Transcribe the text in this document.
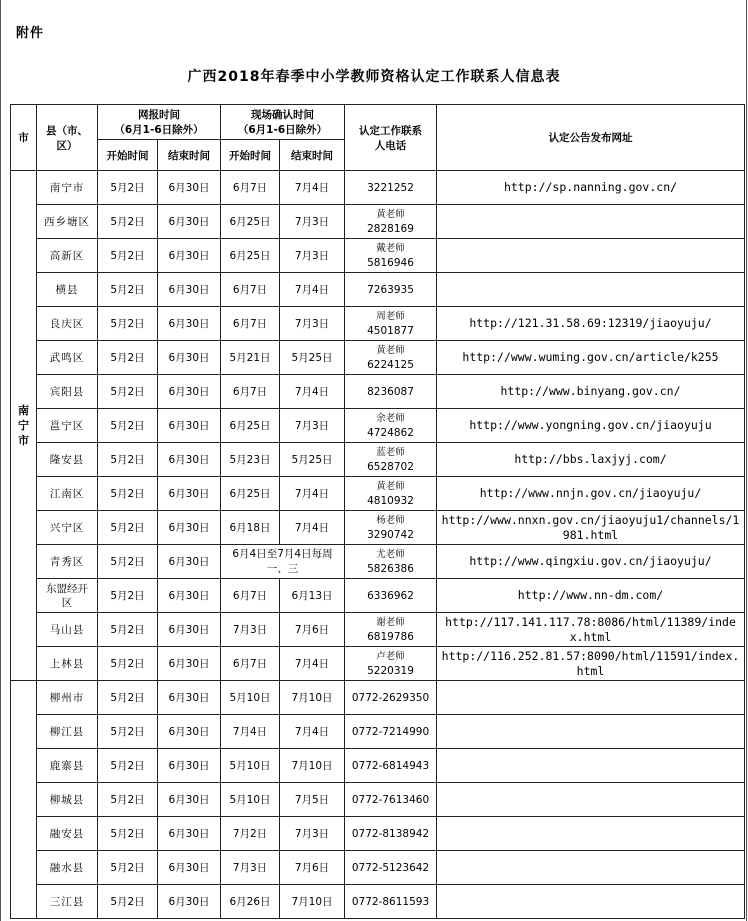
附件
广西2018年春季中小学教师资格认定工作联系人信息表
市	县（市、区）	网报时间
（6月1-6日除外）		现场确认时间
（6月1-6日除外）		认定工作联系人电话	认定公告发布网址
		开始时间	结束时间	开始时间	结束时间		
南宁市	南宁市	5月2日	6月30日	6月7日	7月4日	3221252	http://sp.nanning.gov.cn/
	西乡塘区	5月2日	6月30日	6月25日	7月3日	黄老师
2828169	

	高新区	5月2日	6月30日	6月25日	7月3日	戴老师
5816946	

	横县	5月2日	6月30日	6月7日	7月4日	7263935	

	良庆区	5月2日	6月30日	6月7日	7月3日	周老师
4501877	http://121.31.58.69:12319/jiaoyuju/
	武鸣区	5月2日	6月30日	5月21日	5月25日	黄老师
6224125	http://www.wuming.gov.cn/article/k255
	宾阳县	5月2日	6月30日	6月7日	7月4日	8236087	http://www.binyang.gov.cn/
	邕宁区	5月2日	6月30日	6月25日	7月3日	余老师
4724862	http://www.yongning.gov.cn/jiaoyuju
	隆安县	5月2日	6月30日	5月23日	5月25日	蓝老师
6528702	http://bbs.laxjyj.com/
	江南区	5月2日	6月30日	6月25日	7月4日	黄老师
4810932	http://www.nnjn.gov.cn/jiaoyuju/
	兴宁区	5月2日	6月30日	6月18日	7月4日	杨老师
3290742	http://www.nnxn.gov.cn/jiaoyuju1/channels/1981.html
	青秀区	5月2日	6月30日	6月4日至7月4日每周一、三		尤老师
5826386	http://www.qingxiu.gov.cn/jiaoyuju/
	东盟经开区	5月2日	6月30日	6月7日	6月13日	6336962	http://www.nn-dm.com/
	马山县	5月2日	6月30日	7月3日	7月6日	谢老师
6819786	http://117.141.117.78:8086/html/11389/index.html
	上林县	5月2日	6月30日	6月7日	7月4日	卢老师
5220319	http://116.252.81.57:8090/html/11591/index.html
	柳州市	5月2日	6月30日	5月10日	7月10日	0772-2629350	

	柳江县	5月2日	6月30日	7月4日	7月4日	0772-7214990	

	鹿寨县	5月2日	6月30日	5月10日	7月10日	0772-6814943	

	柳城县	5月2日	6月30日	5月10日	7月5日	0772-7613460	

	融安县	5月2日	6月30日	7月2日	7月3日	0772-8138942	

	融水县	5月2日	6月30日	7月3日	7月6日	0772-5123642	

	三江县	5月2日	6月30日	6月26日	7月10日	0772-8611593	
